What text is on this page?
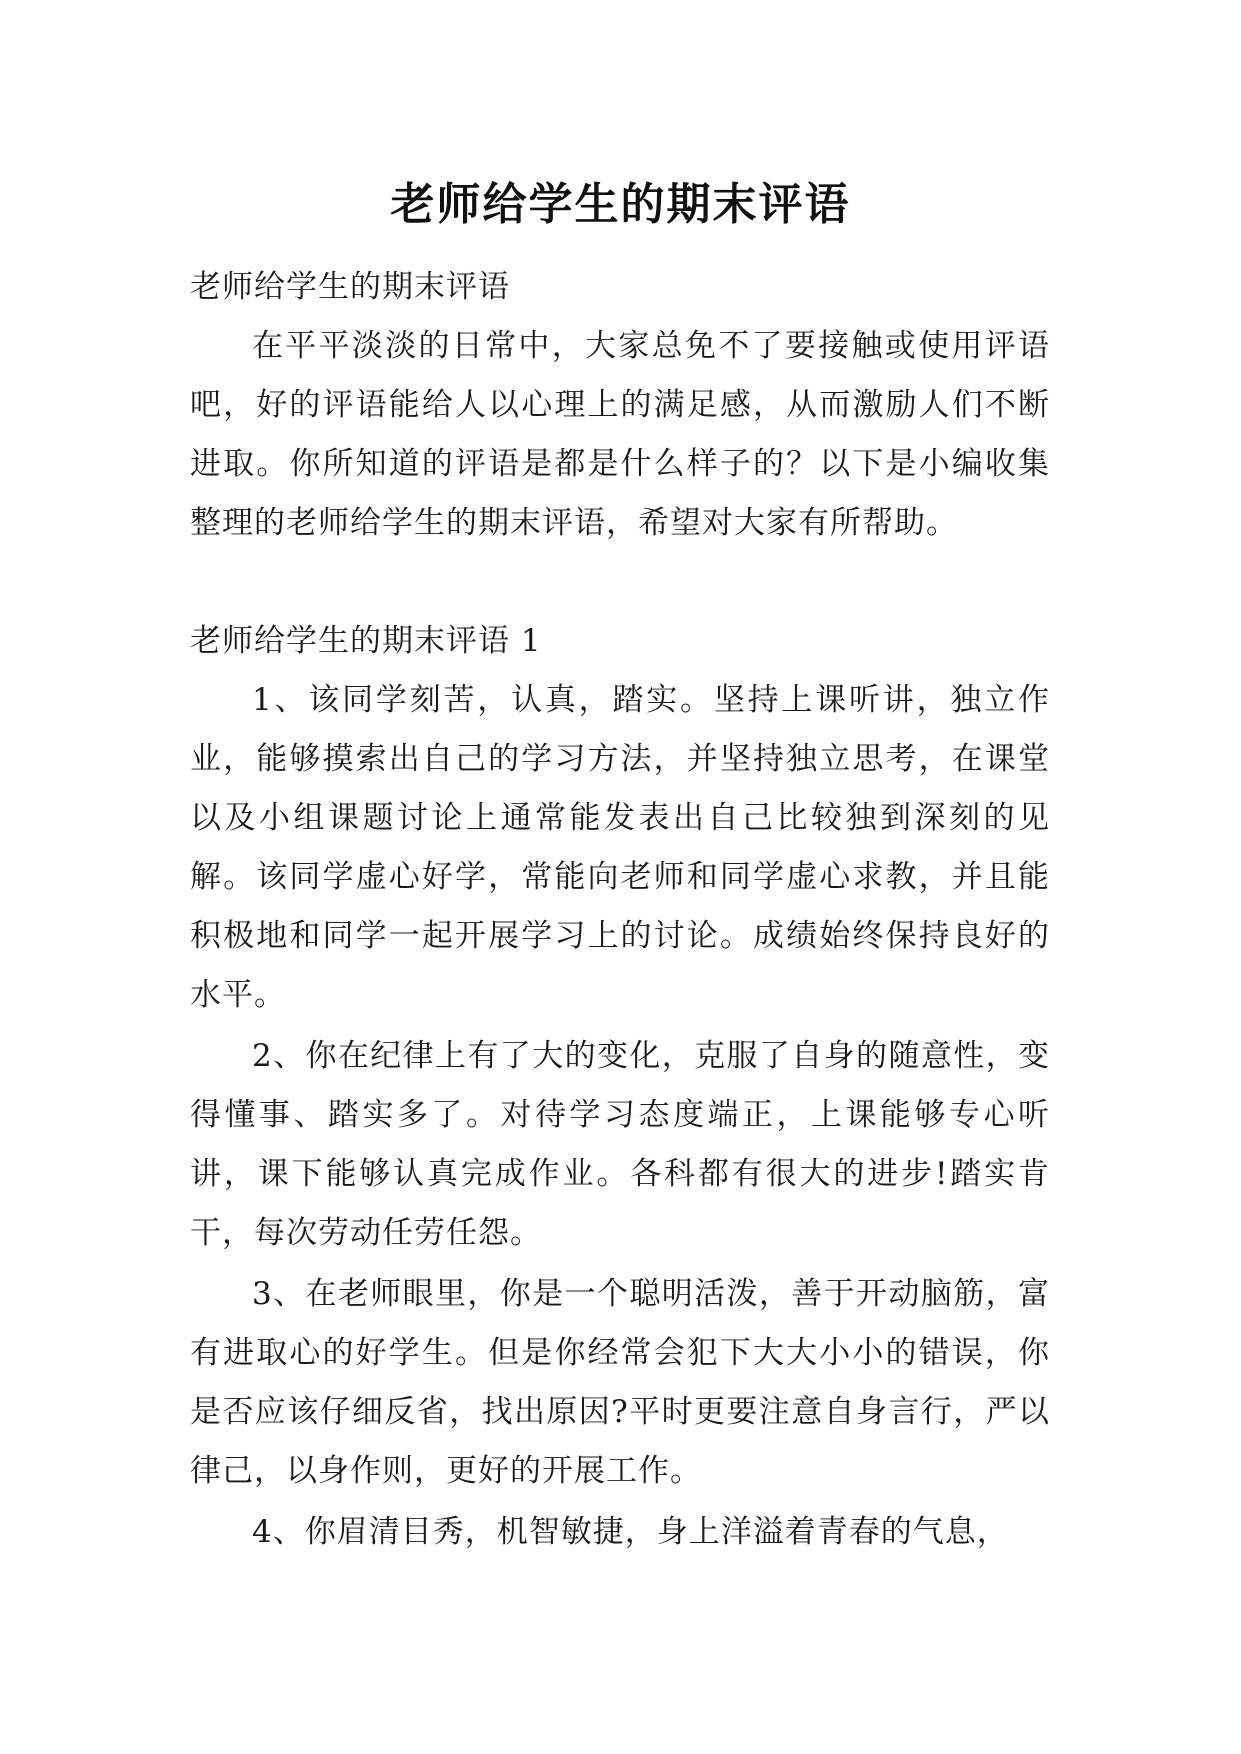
老师给学生的期末评语

老师给学生的期末评语

在平平淡淡的日常中，大家总免不了要接触或使用评语吧，好的评语能给人以心理上的满足感，从而激励人们不断进取。你所知道的评语是都是什么样子的？以下是小编收集整理的老师给学生的期末评语，希望对大家有所帮助。

老师给学生的期末评语 1

1、该同学刻苦，认真，踏实。坚持上课听讲，独立作业，能够摸索出自己的学习方法，并坚持独立思考，在课堂以及小组课题讨论上通常能发表出自己比较独到深刻的见解。该同学虚心好学，常能向老师和同学虚心求教，并且能积极地和同学一起开展学习上的讨论。成绩始终保持良好的水平。

2、你在纪律上有了大的变化，克服了自身的随意性，变得懂事、踏实多了。对待学习态度端正，上课能够专心听讲，课下能够认真完成作业。各科都有很大的进步!踏实肯干，每次劳动任劳任怨。

3、在老师眼里，你是一个聪明活泼，善于开动脑筋，富有进取心的好学生。但是你经常会犯下大大小小的错误，你是否应该仔细反省，找出原因?平时更要注意自身言行，严以律己，以身作则，更好的开展工作。

4、你眉清目秀，机智敏捷，身上洋溢着青春的气息，
